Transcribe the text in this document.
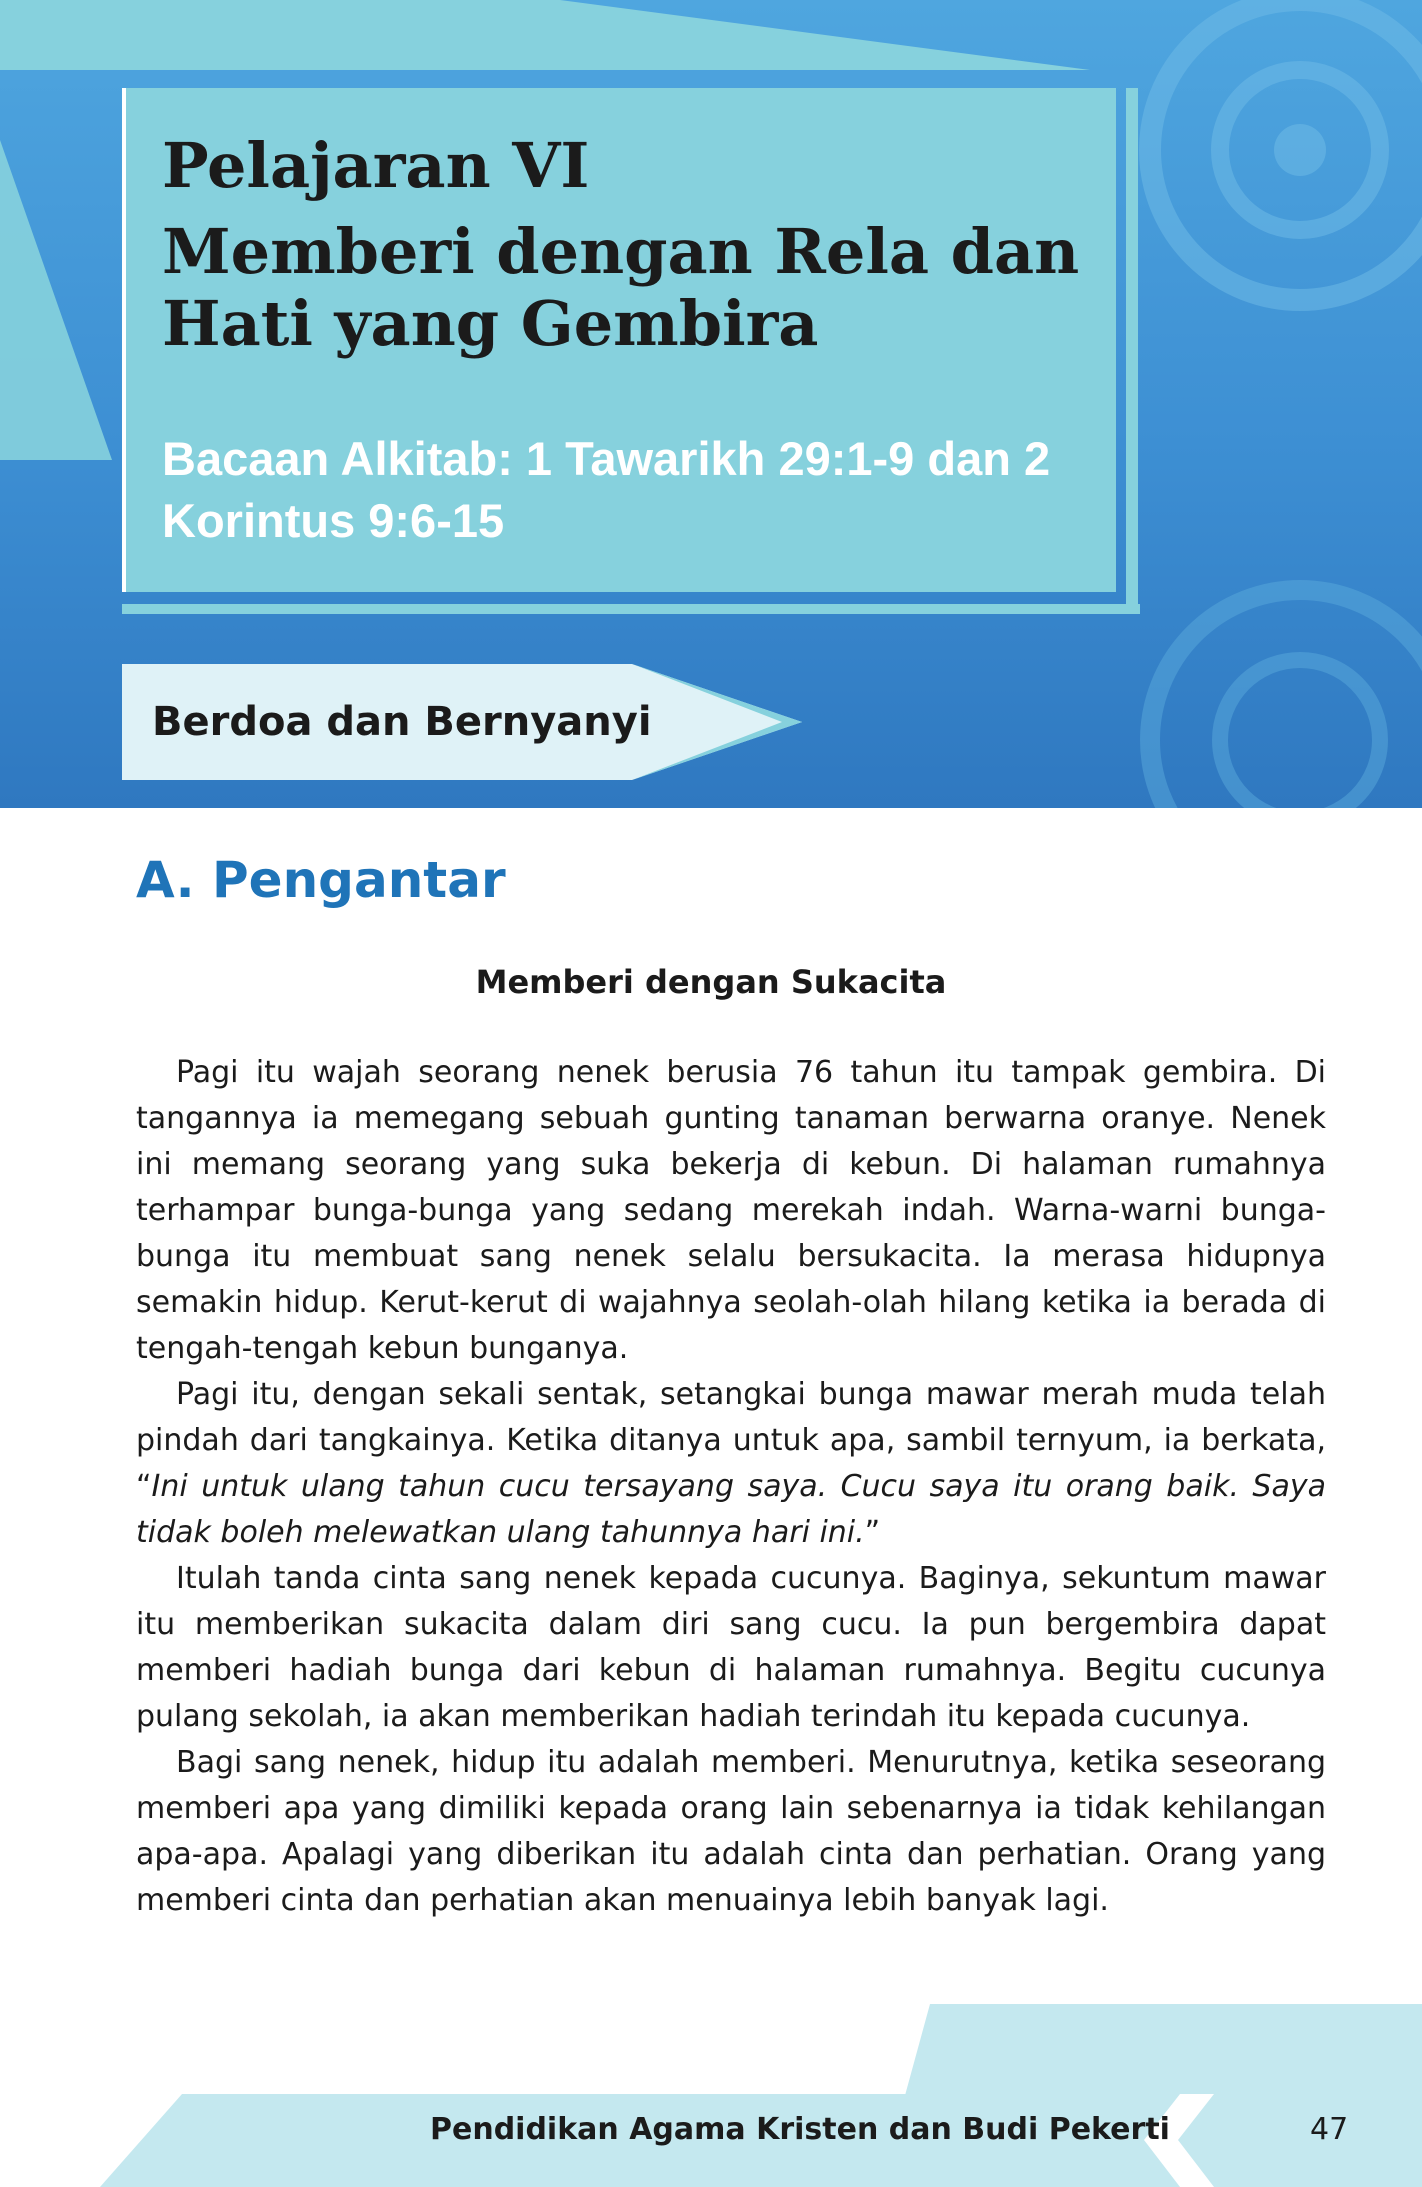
Pelajaran VI
Memberi dengan Rela dan Hati yang Gembira

Bacaan Alkitab: 1 Tawarikh 29:1-9 dan 2 Korintus 9:6-15

Berdoa dan Bernyanyi
A. Pengantar
Memberi dengan Sukacita

Pagi itu wajah seorang nenek berusia 76 tahun itu tampak gembira. Di tangannya ia memegang sebuah gunting tanaman berwarna oranye. Nenek ini memang seorang yang suka bekerja di kebun. Di halaman rumahnya terhampar bunga-bunga yang sedang merekah indah. Warna-warni bunga-bunga itu membuat sang nenek selalu bersukacita. Ia merasa hidupnya semakin hidup. Kerut-kerut di wajahnya seolah-olah hilang ketika ia berada di tengah-tengah kebun bunganya.

Pagi itu, dengan sekali sentak, setangkai bunga mawar merah muda telah pindah dari tangkainya. Ketika ditanya untuk apa, sambil ternyum, ia berkata, “Ini untuk ulang tahun cucu tersayang saya. Cucu saya itu orang baik. Saya tidak boleh melewatkan ulang tahunnya hari ini.”

Itulah tanda cinta sang nenek kepada cucunya. Baginya, sekuntum mawar itu memberikan sukacita dalam diri sang cucu. Ia pun bergembira dapat memberi hadiah bunga dari kebun di halaman rumahnya. Begitu cucunya pulang sekolah, ia akan memberikan hadiah terindah itu kepada cucunya.

Bagi sang nenek, hidup itu adalah memberi. Menurutnya, ketika seseorang memberi apa yang dimiliki kepada orang lain sebenarnya ia tidak kehilangan apa-apa. Apalagi yang diberikan itu adalah cinta dan perhatian. Orang yang memberi cinta dan perhatian akan menuainya lebih banyak lagi.

Pendidikan Agama Kristen dan Budi Pekerti	47
